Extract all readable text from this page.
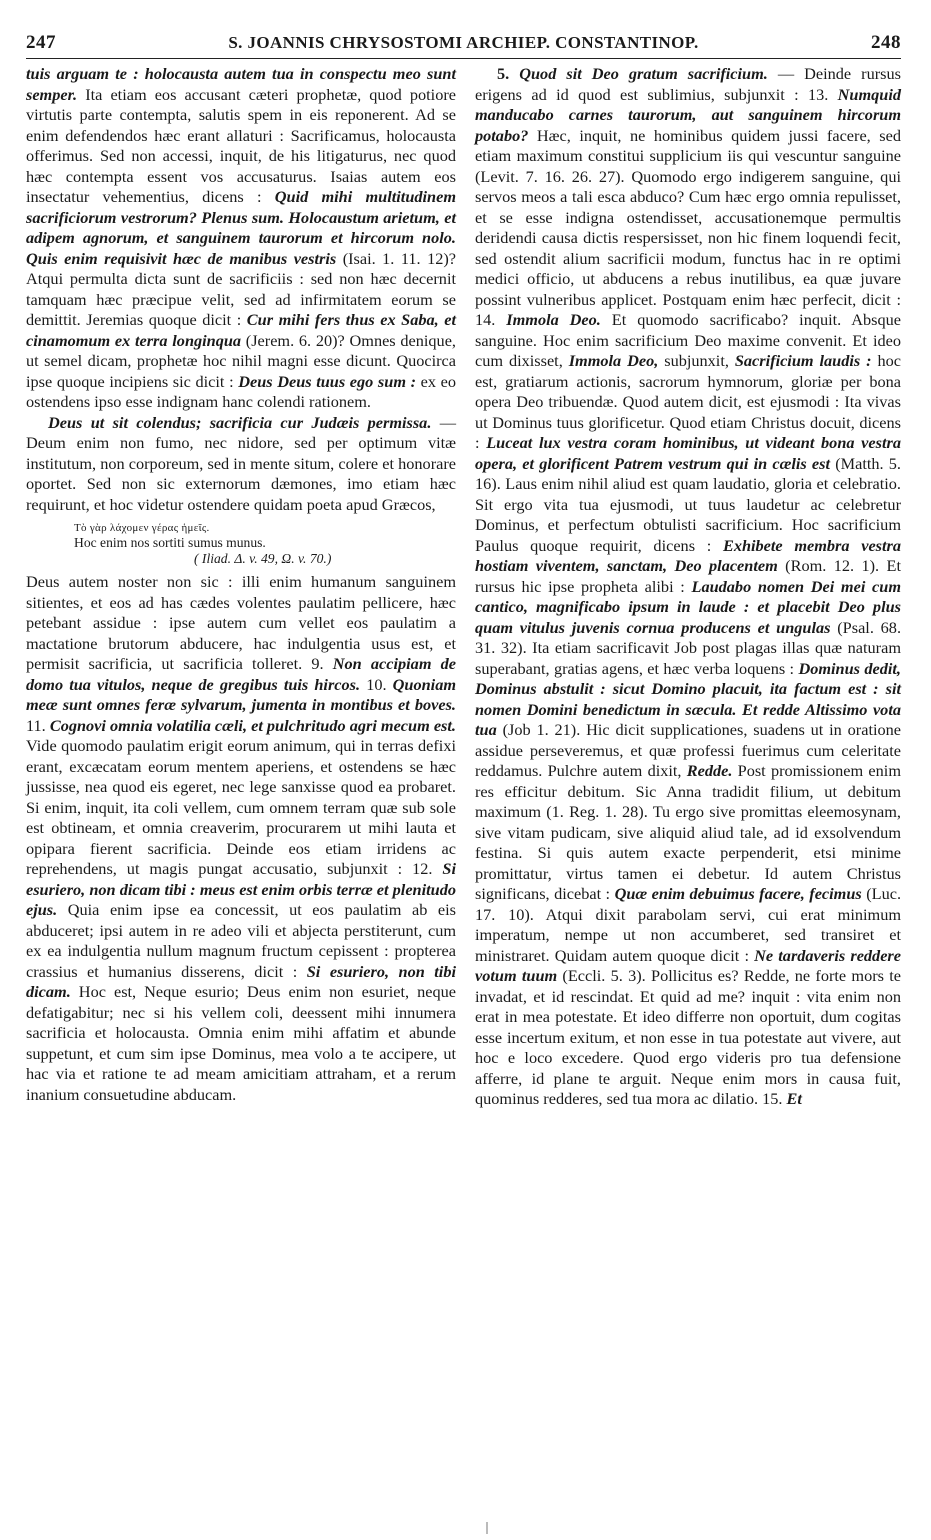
247	S. JOANNIS CHRYSOSTOMI ARCHIEP. CONSTANTINOP.	248

tuis arguam te : holocausta autem tua in conspectu meo sunt semper. Ita etiam eos accusant cæteri prophetæ, quod potiore virtutis parte contempta, salutis spem in eis reponerent. Ad se enim defendendos hæc erant allaturi : Sacrificamus, holocausta offerimus. Sed non accessi, inquit, de his litigaturus, nec quod hæc contempta essent vos accusaturus. Isaias autem eos insectatur vehementius, dicens : Quid mihi multitudinem sacrificiorum vestrorum? Plenus sum. Holocaustum arietum, et adipem agnorum, et sanguinem taurorum et hircorum nolo. Quis enim requisivit hæc de manibus vestris (Isai. 1. 11. 12)? Atqui permulta dicta sunt de sacrificiis : sed non hæc decernit tamquam hæc præcipue velit, sed ad infirmitatem eorum se demittit. Jeremias quoque dicit : Cur mihi fers thus ex Saba, et cinamomum ex terra longinqua (Jerem. 6. 20)? Omnes denique, ut semel dicam, prophetæ hoc nihil magni esse dicunt. Quocirca ipse quoque incipiens sic dicit : Deus Deus tuus ego sum : ex eo ostendens ipso esse indignam hanc colendi rationem.

Deus ut sit colendus; sacrificia cur Judæis permissa. — Deum enim non fumo, nec nidore, sed per optimum vitæ institutum, non corporeum, sed in mente situm, colere et honorare oportet. Sed non sic externorum dæmones, imo etiam hæc requirunt, et hoc videtur ostendere quidam poeta apud Græcos,

Τὸ γὰρ λάχομεν γέρας ἡμεῖς.
Hoc enim nos sortiti sumus munus.
( Iliad. Δ. v. 49, Ω. v. 70.)

Deus autem noster non sic : illi enim humanum sanguinem sitientes, et eos ad has cædes volentes paulatim pellicere, hæc petebant assidue : ipse autem cum vellet eos paulatim a mactatione brutorum abducere, hac indulgentia usus est, et permisit sacrificia, ut sacrificia tolleret. 9. Non accipiam de domo tua vitulos, neque de gregibus tuis hircos. 10. Quoniam meæ sunt omnes feræ sylvarum, jumenta in montibus et boves. 11. Cognovi omnia volatilia cæli, et pulchritudo agri mecum est. Vide quomodo paulatim erigit eorum animum, qui in terras defixi erant, excæcatam eorum mentem aperiens, et ostendens se hæc jussisse, nea quod eis egeret, nec lege sanxisse quod ea probaret. Si enim, inquit, ita coli vellem, cum omnem terram quæ sub sole est obtineam, et omnia creaverim, procurarem ut mihi lauta et opipara fierent sacrificia. Deinde eos etiam irridens ac reprehendens, ut magis pungat accusatio, subjunxit : 12. Si esuriero, non dicam tibi : meus est enim orbis terræ et plenitudo ejus. Quia enim ipse ea concessit, ut eos paulatim ab eis abduceret; ipsi autem in re adeo vili et abjecta perstiterunt, cum ex ea indulgentia nullum magnum fructum cepissent : propterea crassius et humanius disserens, dicit : Si esuriero, non tibi dicam. Hoc est, Neque esurio; Deus enim non esuriet, neque defatigabitur; nec si his vellem coli, deessent mihi innumera sacrificia et holocausta. Omnia enim mihi affatim et abunde suppetunt, et cum sim ipse Dominus, mea volo a te accipere, ut hac via et ratione te ad meam amicitiam attraham, et a rerum inanium consuetudine abducam.

5. Quod sit Deo gratum sacrificium. — Deinde rursus erigens ad id quod est sublimius, subjunxit : 13. Numquid manducabo carnes taurorum, aut sanguinem hircorum potabo? Hæc, inquit, ne hominibus quidem jussi facere, sed etiam maximum constitui supplicium iis qui vescuntur sanguine (Levit. 7. 16. 26. 27). Quomodo ergo indigerem sanguine, qui servos meos a tali esca abduco? Cum hæc ergo omnia repulisset, et se esse indigna ostendisset, accusationemque permultis deridendi causa dictis respersisset, non hic finem loquendi fecit, sed ostendit alium sacrificii modum, functus hac in re optimi medici officio, ut abducens a rebus inutilibus, ea quæ juvare possint vulneribus applicet. Postquam enim hæc perfecit, dicit : 14. Immola Deo. Et quomodo sacrificabo? inquit. Absque sanguine. Hoc enim sacrificium Deo maxime convenit. Et ideo cum dixisset, Immola Deo, subjunxit, Sacrificium laudis : hoc est, gratiarum actionis, sacrorum hymnorum, gloriæ per bona opera Deo tribuendæ. Quod autem dicit, est ejusmodi : Ita vivas ut Dominus tuus glorificetur. Quod etiam Christus docuit, dicens : Luceat lux vestra coram hominibus, ut videant bona vestra opera, et glorificent Patrem vestrum qui in cælis est (Matth. 5. 16). Laus enim nihil aliud est quam laudatio, gloria et celebratio. Sit ergo vita tua ejusmodi, ut tuus laudetur ac celebretur Dominus, et perfectum obtulisti sacrificium. Hoc sacrificium Paulus quoque requirit, dicens : Exhibete membra vestra hostiam viventem, sanctam, Deo placentem (Rom. 12. 1). Et rursus hic ipse propheta alibi : Laudabo nomen Dei mei cum cantico, magnificabo ipsum in laude : et placebit Deo plus quam vitulus juvenis cornua producens et ungulas (Psal. 68. 31. 32). Ita etiam sacrificavit Job post plagas illas quæ naturam superabant, gratias agens, et hæc verba loquens : Dominus dedit, Dominus abstulit : sicut Domino placuit, ita factum est : sit nomen Domini benedictum in sæcula. Et redde Altissimo vota tua (Job 1. 21). Hic dicit supplicationes, suadens ut in oratione assidue perseveremus, et quæ professi fuerimus cum celeritate reddamus. Pulchre autem dixit, Redde. Post promissionem enim res efficitur debitum. Sic Anna tradidit filium, ut debitum maximum (1. Reg. 1. 28). Tu ergo sive promittas eleemosynam, sive vitam pudicam, sive aliquid aliud tale, ad id exsolvendum festina. Si quis autem exacte perpenderit, etsi minime promittatur, virtus tamen ei debetur. Id autem Christus significans, dicebat : Quæ enim debuimus facere, fecimus (Luc. 17. 10). Atqui dixit parabolam servi, cui erat minimum imperatum, nempe ut non accumberet, sed transiret et ministraret. Quidam autem quoque dicit : Ne tardaveris reddere votum tuum (Eccli. 5. 3). Pollicitus es? Redde, ne forte mors te invadat, et id rescindat. Et quid ad me? inquit : vita enim non erat in mea potestate. Et ideo differre non oportuit, dum cogitas esse incertum exitum, et non esse in tua potestate aut vivere, aut hoc e loco excedere. Quod ergo videris pro tua defensione afferre, id plane te arguit. Neque enim mors in causa fuit, quominus redderes, sed tua mora ac dilatio. 15. Et
